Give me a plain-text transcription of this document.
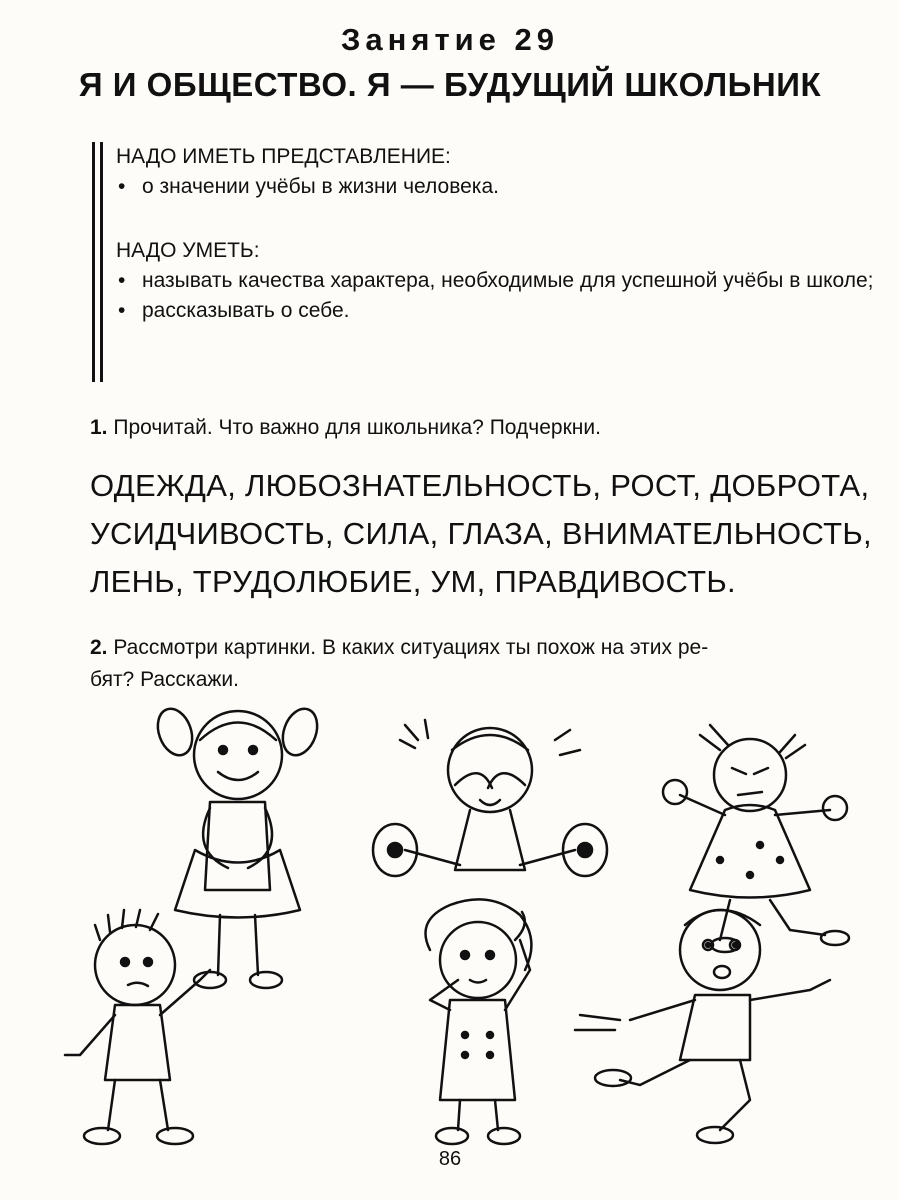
Занятие 29
Я И ОБЩЕСТВО. Я — БУДУЩИЙ ШКОЛЬНИК
НАДО ИМЕТЬ ПРЕДСТАВЛЕНИЕ:
• о значении учёбы в жизни человека.
НАДО УМЕТЬ:
• называть качества характера, необходимые для успешной учёбы в школе;
• рассказывать о себе.
1. Прочитай. Что важно для школьника? Подчеркни.
ОДЕЖДА, ЛЮБОЗНАТЕЛЬНОСТЬ, РОСТ, ДОБРОТА,
УСИДЧИВОСТЬ, СИЛА, ГЛАЗА, ВНИМАТЕЛЬНОСТЬ,
ЛЕНЬ, ТРУДОЛЮБИЕ, УМ, ПРАВДИВОСТЬ.
2. Рассмотри картинки. В каких ситуациях ты похож на этих ре-
бят? Расскажи.
86
